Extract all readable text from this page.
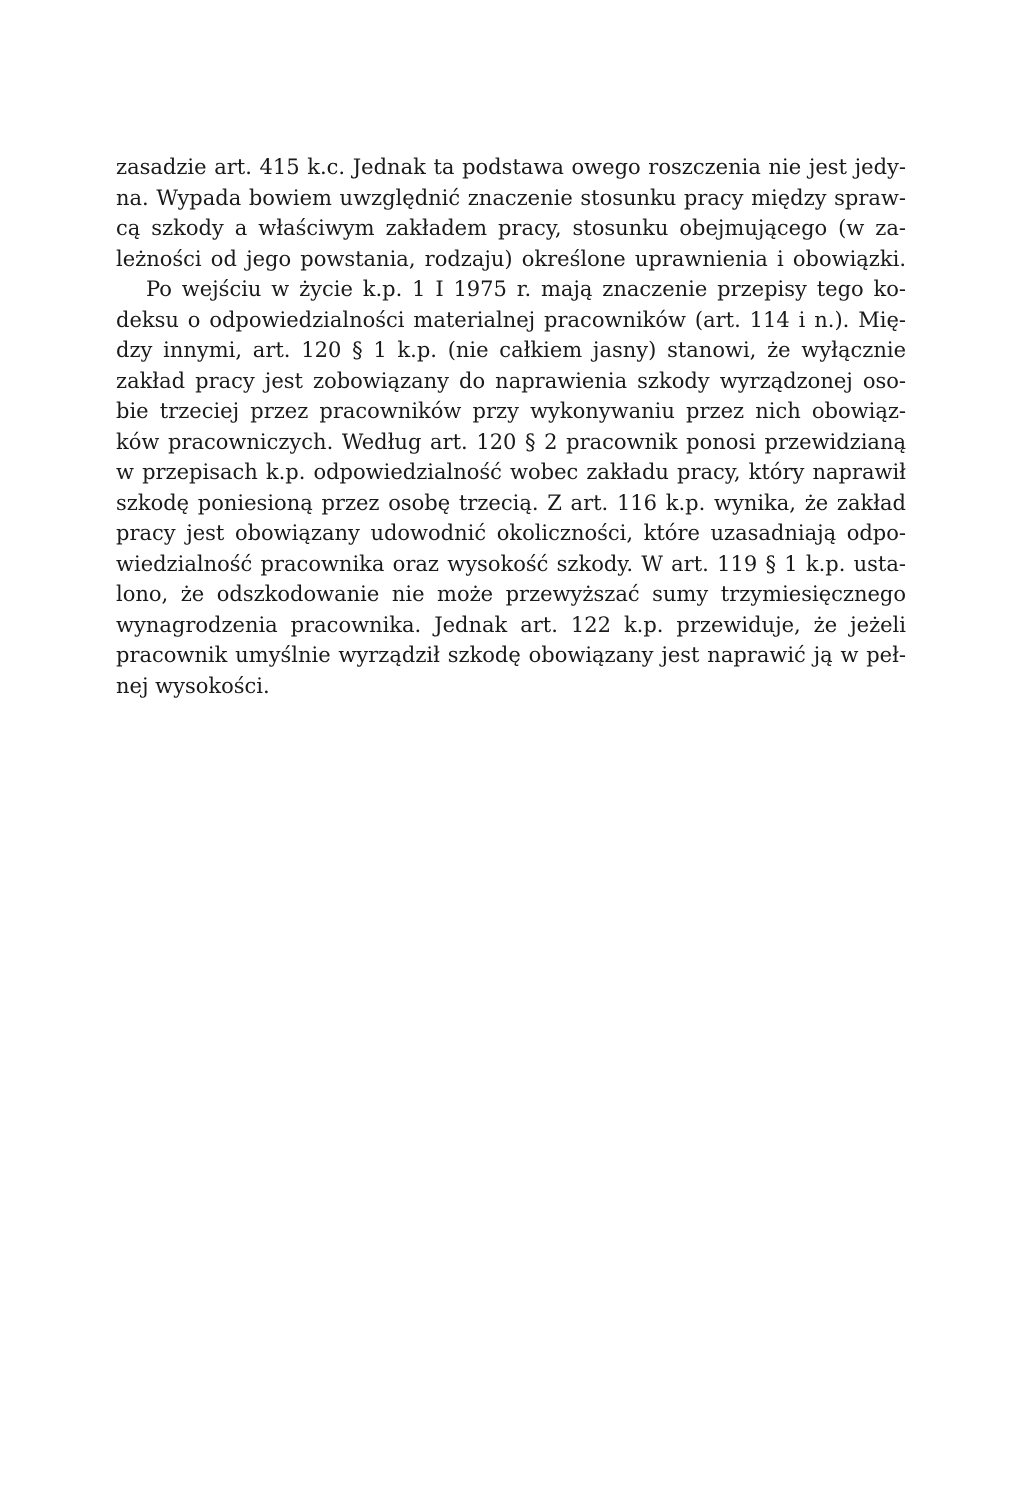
zasadzie art. 415 k.c. Jednak ta podstawa owego roszczenia nie jest jedy-
na. Wypada bowiem uwzględnić znaczenie stosunku pracy między spraw-
cą szkody a właściwym zakładem pracy, stosunku obejmującego (w za-
leżności od jego powstania, rodzaju) określone uprawnienia i obowiązki.
Po wejściu w życie k.p. 1 I 1975 r. mają znaczenie przepisy tego ko-
deksu o odpowiedzialności materialnej pracowników (art. 114 i n.). Mię-
dzy innymi, art. 120 § 1 k.p. (nie całkiem jasny) stanowi, że wyłącznie
zakład pracy jest zobowiązany do naprawienia szkody wyrządzonej oso-
bie trzeciej przez pracowników przy wykonywaniu przez nich obowiąz-
ków pracowniczych. Według art. 120 § 2 pracownik ponosi przewidzianą
w przepisach k.p. odpowiedzialność wobec zakładu pracy, który naprawił
szkodę poniesioną przez osobę trzecią. Z art. 116 k.p. wynika, że zakład
pracy jest obowiązany udowodnić okoliczności, które uzasadniają odpo-
wiedzialność pracownika oraz wysokość szkody. W art. 119 § 1 k.p. usta-
lono, że odszkodowanie nie może przewyższać sumy trzymiesięcznego
wynagrodzenia pracownika. Jednak art. 122 k.p. przewiduje, że jeżeli
pracownik umyślnie wyrządził szkodę obowiązany jest naprawić ją w peł-
nej wysokości.
